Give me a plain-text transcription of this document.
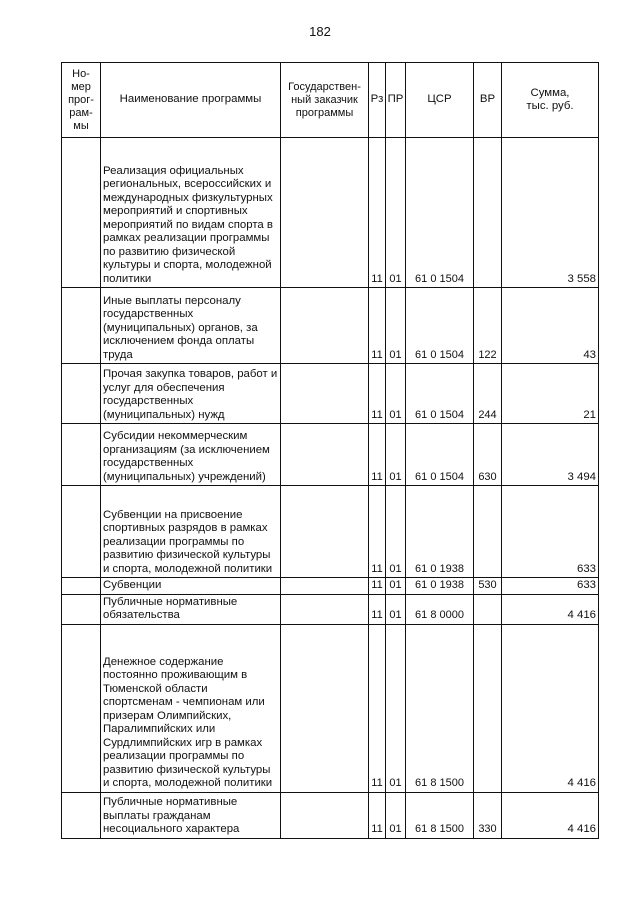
182
Но-
мер
прог-
рам-
мы	Наименование программы	Государствен-
ный заказчик
программы	Рз	ПР	ЦСР	ВР	Сумма,
тыс. руб.
	Реализация официальных региональных, всероссийских и международных физкультурных мероприятий и спортивных мероприятий по видам спорта в рамках реализации программы по развитию физической культуры и спорта, молодежной политики		11	01	61 0 1504		3 558
	Иные выплаты персоналу государственных (муниципальных) органов, за исключением фонда оплаты труда		11	01	61 0 1504	122	43
	Прочая закупка товаров, работ и услуг для обеспечения государственных (муниципальных) нужд		11	01	61 0 1504	244	21
	Субсидии некоммерческим организациям (за исключением государственных (муниципальных) учреждений)		11	01	61 0 1504	630	3 494
	Субвенции на присвоение спортивных разрядов в рамках реализации программы по развитию физической культуры и спорта, молодежной политики		11	01	61 0 1938		633
	Субвенции		11	01	61 0 1938	530	633
	Публичные нормативные обязательства		11	01	61 8 0000		4 416
	Денежное содержание постоянно проживающим в Тюменской области спортсменам - чемпионам или призерам Олимпийских, Паралимпийских или Сурдлимпийских игр в рамках реализации программы по развитию физической культуры и спорта, молодежной политики		11	01	61 8 1500		4 416
	Публичные нормативные выплаты гражданам несоциального характера		11	01	61 8 1500	330	4 416
